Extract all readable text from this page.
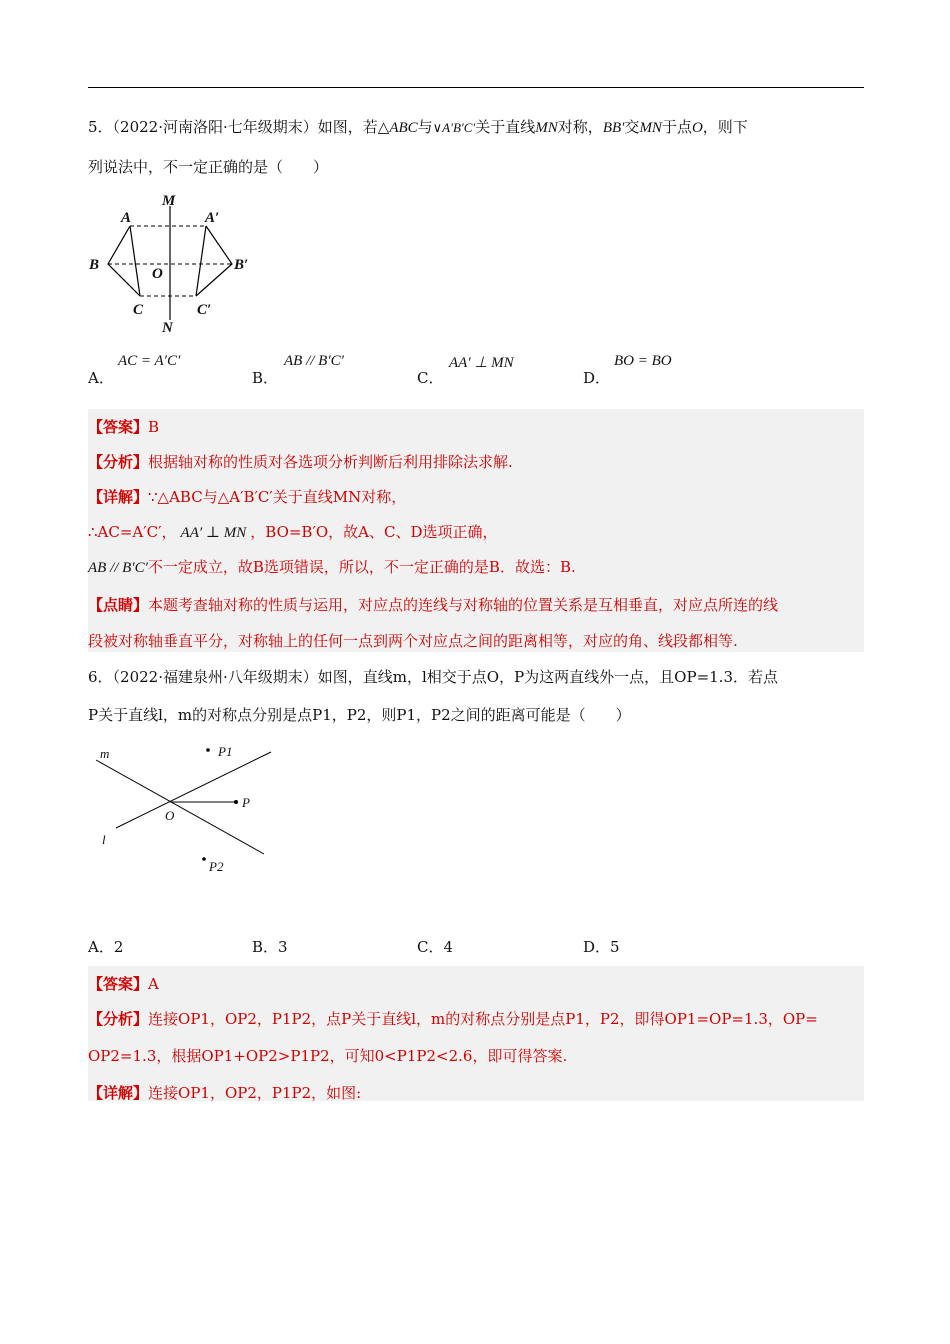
5．（2022·河南洛阳·七年级期末）如图，若△ABC与∨A′B′C′关于直线MN对称，BB′交MN于点O，则下
列说法中，不一定正确的是（　　）
M
A	A′
B
O
B′
C	C′
N
A．
AC = A′C′
B．
AB // B′C′
C．
AA′ ⊥ MN
D．
BO = BO
【答案】B
【分析】根据轴对称的性质对各选项分析判断后利用排除法求解.
【详解】∵△ABC与△A′B′C′关于直线MN对称，
∴AC=A′C′， AA′ ⊥ MN ，BO=B′O，故A、C、D选项正确，
AB // B′C′不一定成立，故B选项错误，所以，不一定正确的是B．故选：B.
【点睛】本题考查轴对称的性质与运用，对应点的连线与对称轴的位置关系是互相垂直，对应点所连的线
段被对称轴垂直平分，对称轴上的任何一点到两个对应点之间的距离相等，对应的角、线段都相等.
6．（2022·福建泉州·八年级期末）如图，直线m，l相交于点O，P为这两直线外一点，且OP=1.3．若点
P关于直线l，m的对称点分别是点P1，P2，则P1，P2之间的距离可能是（　　）
m	P1
P
O
l
P2
A．2	B．3	C．4	D．5
【答案】A
【分析】连接OP1，OP2，P1P2，点P关于直线l，m的对称点分别是点P1，P2，即得OP1=OP=1.3，OP=
OP2=1.3，根据OP1+OP2>P1P2，可知0<P1P2<2.6，即可得答案.
【详解】连接OP1，OP2，P1P2，如图:
